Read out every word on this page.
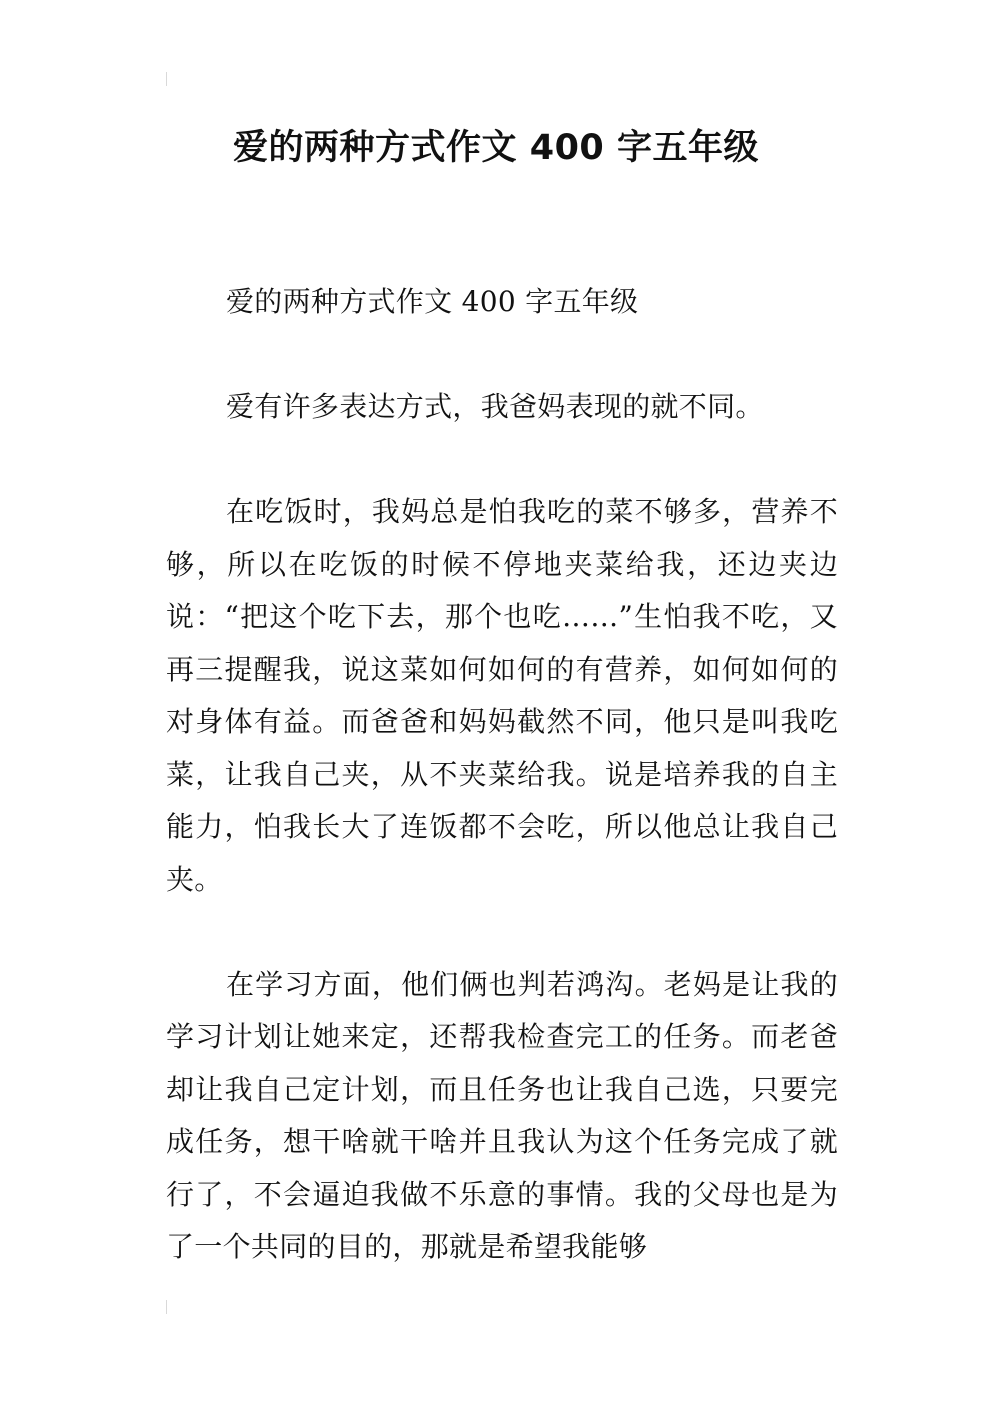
爱的两种方式作文 400 字五年级

爱的两种方式作文 400 字五年级

爱有许多表达方式，我爸妈表现的就不同。

在吃饭时，我妈总是怕我吃的菜不够多，营养不够，所以在吃饭的时候不停地夹菜给我，还边夹边说：“把这个吃下去，那个也吃……”生怕我不吃，又再三提醒我，说这菜如何如何的有营养，如何如何的对身体有益。而爸爸和妈妈截然不同，他只是叫我吃菜，让我自己夹，从不夹菜给我。说是培养我的自主能力，怕我长大了连饭都不会吃，所以他总让我自己夹。

在学习方面，他们俩也判若鸿沟。老妈是让我的学习计划让她来定，还帮我检查完工的任务。而老爸却让我自己定计划，而且任务也让我自己选，只要完成任务，想干啥就干啥并且我认为这个任务完成了就行了，不会逼迫我做不乐意的事情。我的父母也是为了一个共同的目的，那就是希望我能够
